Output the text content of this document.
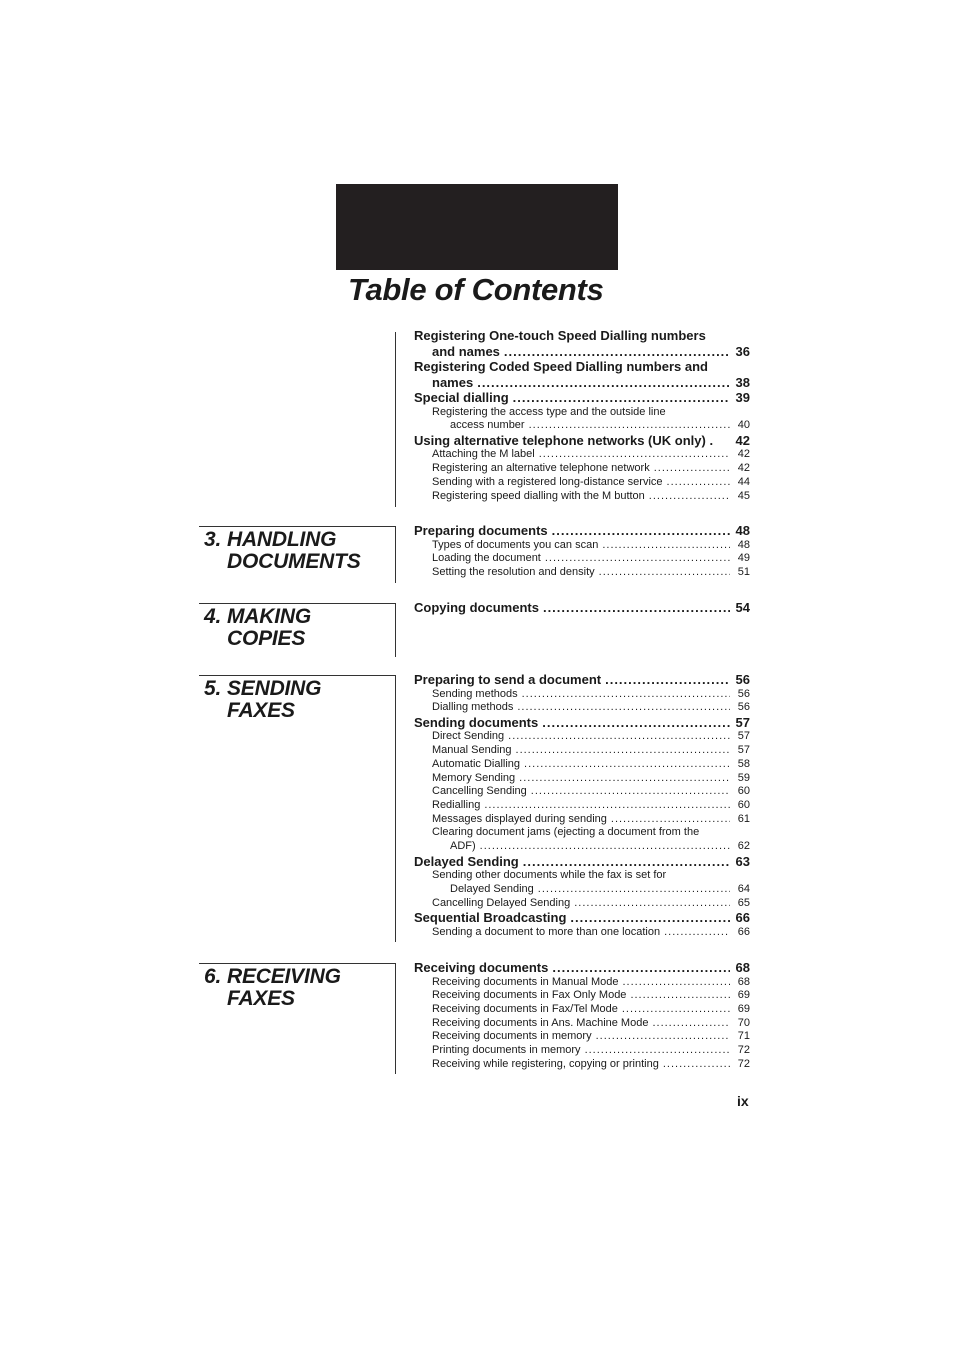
Table of Contents
Registering One-touch Speed Dialling numbers
and names .....	36
Registering Coded Speed Dialling numbers and
names .....	38
Special dialling .....	39
Registering the access type and the outside line
access number .....	40
Using alternative telephone networks (UK only) . 42
Attaching the M label .....	42
Registering an alternative telephone network .....	42
Sending with a registered long-distance service .....	44
Registering speed dialling with the M button .....	45
3. HANDLING
DOCUMENTS
Preparing documents .....	48
Types of documents you can scan .....	48
Loading the document .....	49
Setting the resolution and density .....	51
4. MAKING
COPIES
Copying documents .....	54
5. SENDING
FAXES
Preparing to send a document .....	56
Sending methods .....	56
Dialling methods .....	56
Sending documents .....	57
Direct Sending .....	57
Manual Sending .....	57
Automatic Dialling .....	58
Memory Sending .....	59
Cancelling Sending .....	60
Redialling .....	60
Messages displayed during sending .....	61
Clearing document jams (ejecting a document from the
ADF) .....	62
Delayed Sending .....	63
Sending other documents while the fax is set for
Delayed Sending .....	64
Cancelling Delayed Sending .....	65
Sequential Broadcasting .....	66
Sending a document to more than one location .....	66
6. RECEIVING
FAXES
Receiving documents .....	68
Receiving documents in Manual Mode .....	68
Receiving documents in Fax Only Mode .....	69
Receiving documents in Fax/Tel Mode .....	69
Receiving documents in Ans. Machine Mode .....	70
Receiving documents in memory .....	71
Printing documents in memory .....	72
Receiving while registering, copying or printing .....	72

ix
